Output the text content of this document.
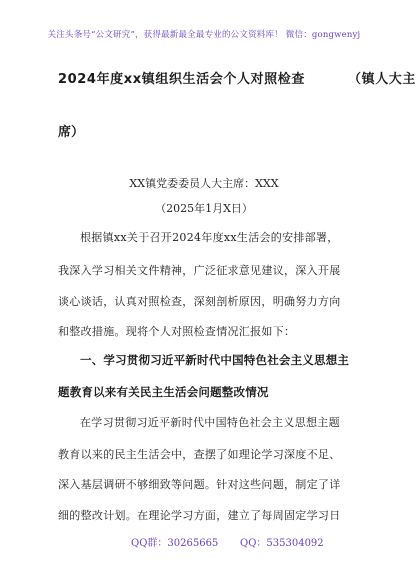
关注头条号“公文研究”，获得最新最全最专业的公文资料库！ 微信：gongwenyj
2024年度xx镇组织生活会个人对照检查	（镇人大主
席）
XX镇党委委员人大主席：XXX
（2025年1月X日）
根据镇xx关于召开2024年度xx生活会的安排部署，
我深入学习相关文件精神，广泛征求意见建议，深入开展
谈心谈话，认真对照检查，深刻剖析原因，明确努力方向
和整改措施。现将个人对照检查情况汇报如下：
一、学习贯彻习近平新时代中国特色社会主义思想主
题教育以来有关民主生活会问题整改情况
在学习贯彻习近平新时代中国特色社会主义思想主题
教育以来的民主生活会中，查摆了如理论学习深度不足、
深入基层调研不够细致等问题。针对这些问题，制定了详
细的整改计划。在理论学习方面，建立了每周固定学习日
QQ群：30265665 QQ：535304092
